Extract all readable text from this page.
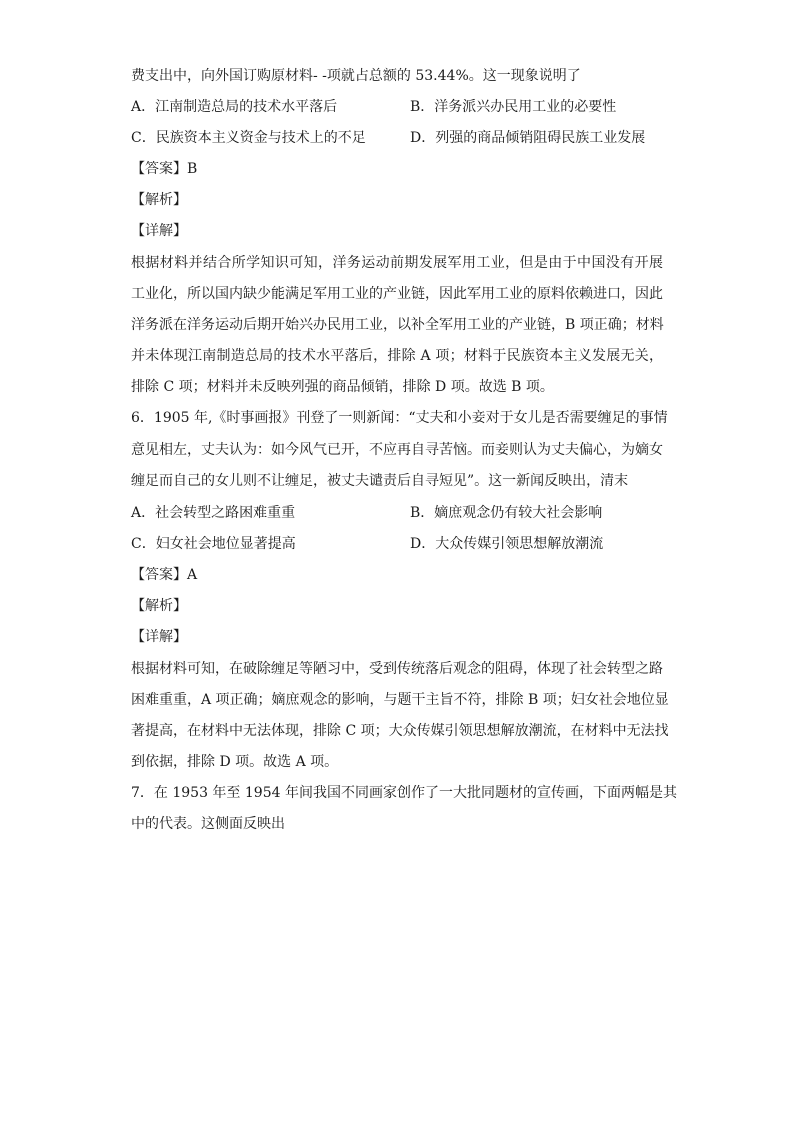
费支出中，向外国订购原材料- -项就占总额的 53.44%。这一现象说明了
A．江南制造总局的技术水平落后	B．洋务派兴办民用工业的必要性
C．民族资本主义资金与技术上的不足	D．列强的商品倾销阻碍民族工业发展
【答案】B
【解析】
【详解】
根据材料并结合所学知识可知，洋务运动前期发展军用工业，但是由于中国没有开展
工业化，所以国内缺少能满足军用工业的产业链，因此军用工业的原料依赖进口，因此
洋务派在洋务运动后期开始兴办民用工业，以补全军用工业的产业链，B 项正确；材料
并未体现江南制造总局的技术水平落后，排除 A 项；材料于民族资本主义发展无关，
排除 C 项；材料并未反映列强的商品倾销，排除 D 项。故选 B 项。
6．1905 年,《时事画报》刊登了一则新闻：“丈夫和小妾对于女儿是否需要缠足的事情
意见相左，丈夫认为：如今风气已开，不应再自寻苦恼。而妾则认为丈夫偏心，为嫡女
缠足而自己的女儿则不让缠足，被丈夫谴责后自寻短见”。这一新闻反映出，清末
A．社会转型之路困难重重	B．嫡庶观念仍有较大社会影响
C．妇女社会地位显著提高	D．大众传媒引领思想解放潮流
【答案】A
【解析】
【详解】
根据材料可知，在破除缠足等陋习中，受到传统落后观念的阻碍，体现了社会转型之路
困难重重，A 项正确；嫡庶观念的影响，与题干主旨不符，排除 B 项；妇女社会地位显
著提高，在材料中无法体现，排除 C 项；大众传媒引领思想解放潮流，在材料中无法找
到依据，排除 D 项。故选 A 项。
7．在 1953 年至 1954 年间我国不同画家创作了一大批同题材的宣传画，下面两幅是其
中的代表。这侧面反映出
